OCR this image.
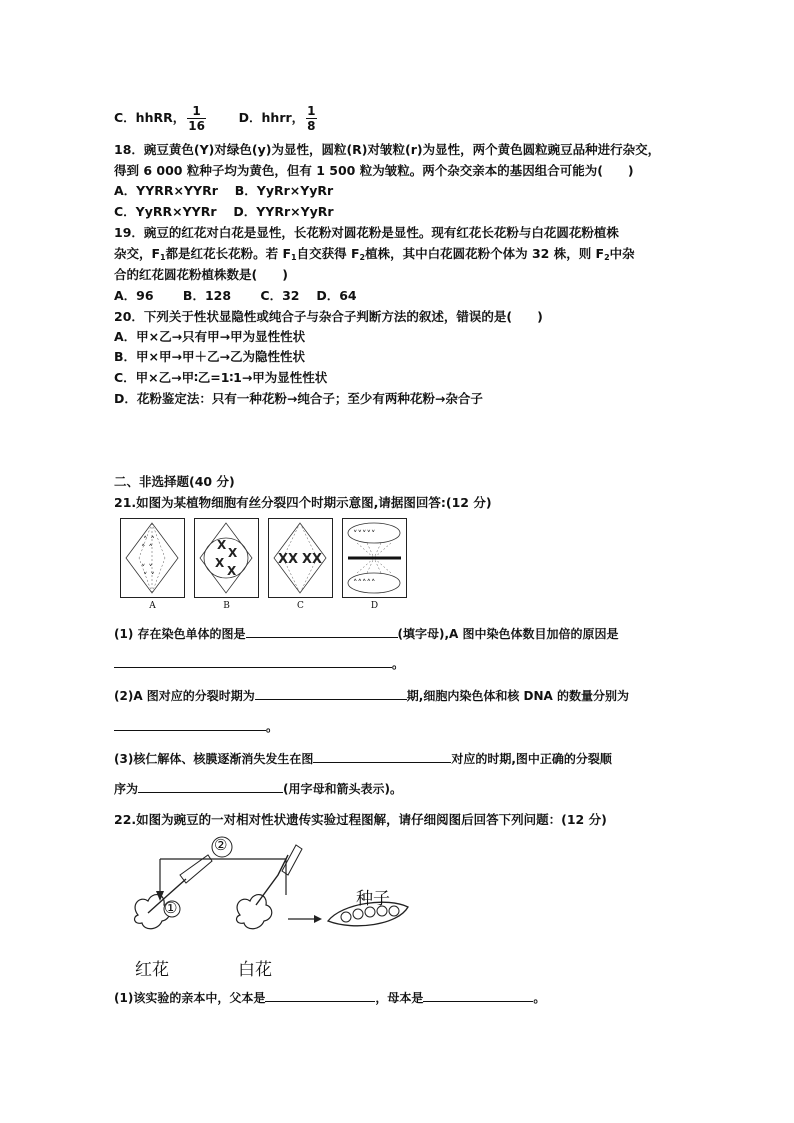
C．hhRR， $\frac{1}{16}$	D．hhrr， $\frac{1}{8}$
18．豌豆黄色(Y)对绿色(y)为显性，圆粒(R)对皱粒(r)为显性，两个黄色圆粒豌豆品种进行杂交，
得到 6 000 粒种子均为黄色，但有 1 500 粒为皱粒。两个杂交亲本的基因组合可能为(　　)
A．YYRR×YYRr　 B．YyRr×YyRr
C．YyRR×YYRr　 D．YYRr×YyRr
19．豌豆的红花对白花是显性，长花粉对圆花粉是显性。现有红花长花粉与白花圆花粉植株
杂交，$F_1$都是红花长花粉。若 $F_1$自交获得 $F_2$植株，其中白花圆花粉个体为 32 株，则 $F_2$中杂
合的红花圆花粉植株数是(　　)
A．96　　 B．128　　 C．32　 D．64
20．下列关于性状显隐性或纯合子与杂合子判断方法的叙述，错误的是(　　)
A．甲×乙→只有甲→甲为显性性状
B．甲×甲→甲＋乙→乙为隐性性状
C．甲×乙→甲∶乙=1∶1→甲为显性性状
D．花粉鉴定法：只有一种花粉→纯合子；至少有两种花粉→杂合子
二、非选择题(40 分)
21.如图为某植物细胞有丝分裂四个时期示意图,请据图回答:(12 分)
˄ ˄
˄ ˄
˅ ˅
˅ ˅
A
X
X
X
X
B
X X X X
C
˅˅˅˅˅
˄˄˄˄˄
D
(1) 存在染色单体的图是	(填字母),A 图中染色体数目加倍的原因是
。
(2)A 图对应的分裂时期为	期,细胞内染色体和核 DNA 的数量分别为
。
(3)核仁解体、核膜逐渐消失发生在图	对应的时期,图中正确的分裂顺
序为	(用字母和箭头表示)。
22.如图为豌豆的一对相对性状遗传实验过程图解，请仔细阅图后回答下列问题：(12 分)
②
①
红花	白花
种子
(1)该实验的亲本中，父本是	，母本是	。
